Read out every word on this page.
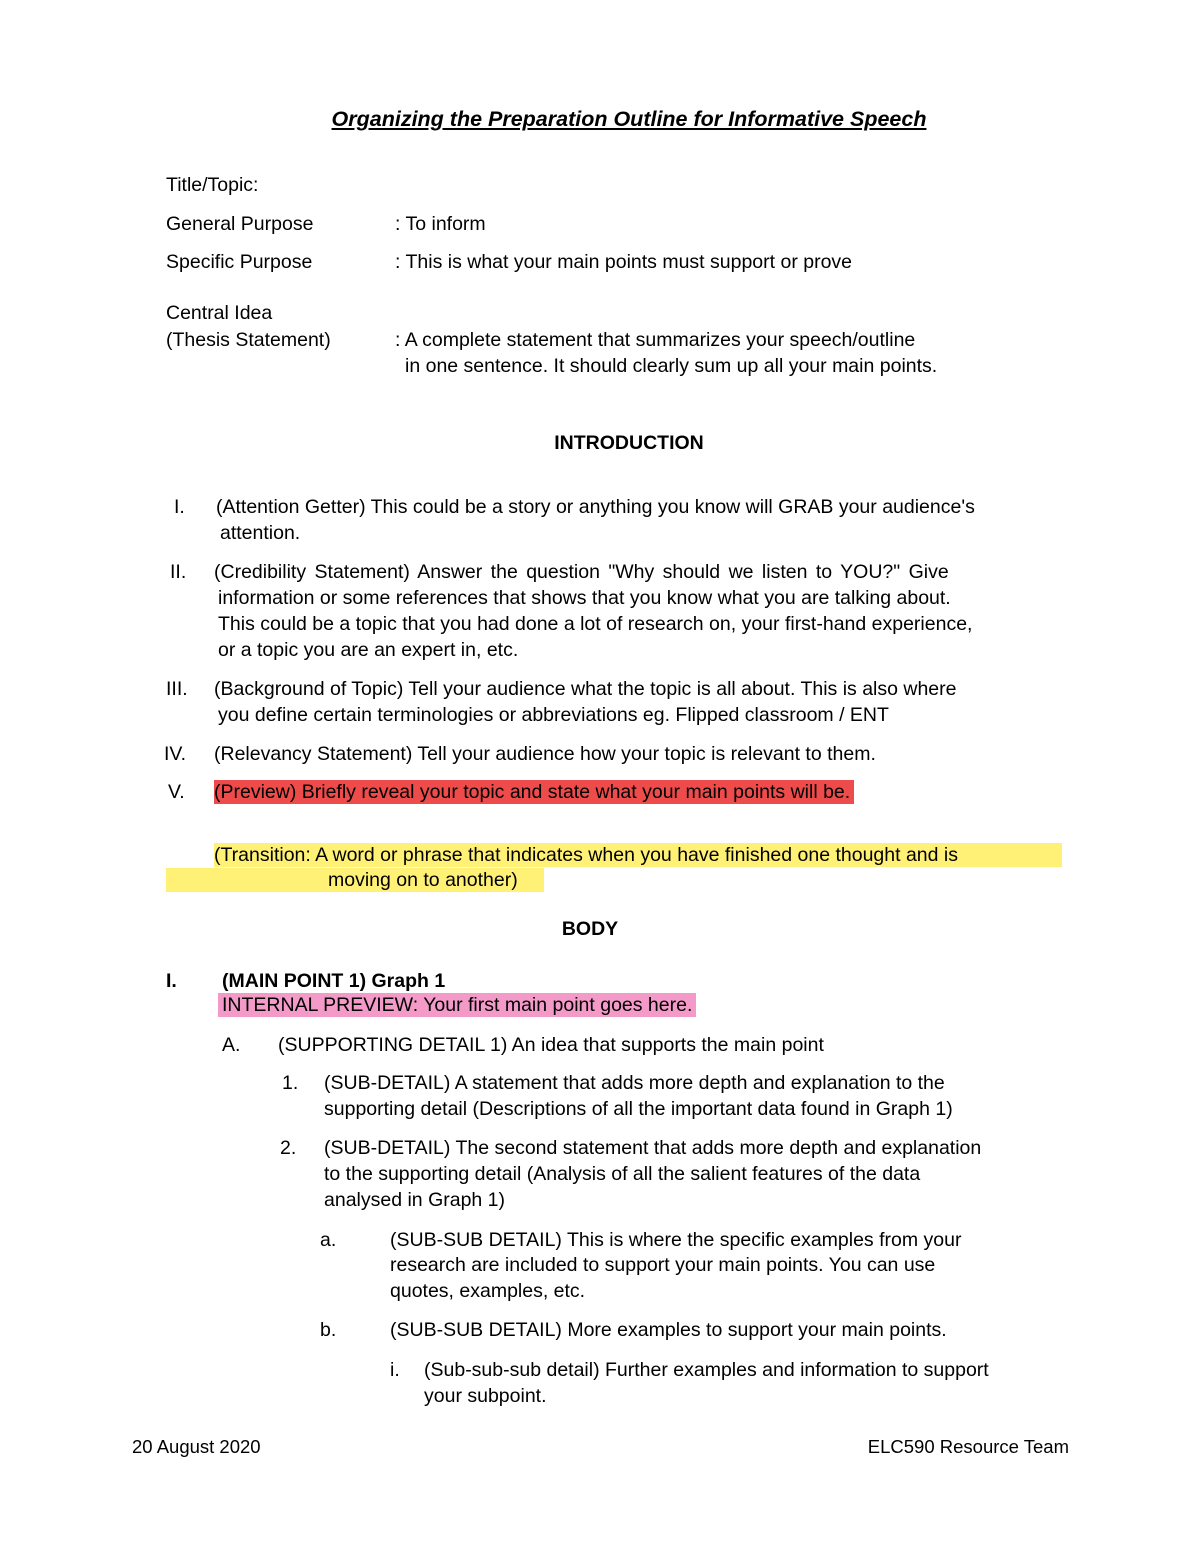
Organizing the Preparation Outline for Informative Speech
Title/Topic:
General Purpose	: To inform
Specific Purpose	: This is what your main points must support or prove
Central Idea
(Thesis Statement)	: A complete statement that summarizes your speech/outline
in one sentence. It should clearly sum up all your main points.
INTRODUCTION
I. (Attention Getter) This could be a story or anything you know will GRAB your audience's
attention.
II. (Credibility Statement) Answer the question "Why should we listen to YOU?" Give
information or some references that shows that you know what you are talking about.
This could be a topic that you had done a lot of research on, your first-hand experience,
or a topic you are an expert in, etc.
III. (Background of Topic) Tell your audience what the topic is all about. This is also where
you define certain terminologies or abbreviations eg. Flipped classroom / ENT
IV. (Relevancy Statement) Tell your audience how your topic is relevant to them.
V. (Preview) Briefly reveal your topic and state what your main points will be.
(Transition: A word or phrase that indicates when you have finished one thought and is
moving on to another)
BODY
I. (MAIN POINT 1) Graph 1
INTERNAL PREVIEW: Your first main point goes here.
A. (SUPPORTING DETAIL 1) An idea that supports the main point
1. (SUB-DETAIL) A statement that adds more depth and explanation to the
supporting detail (Descriptions of all the important data found in Graph 1)
2. (SUB-DETAIL) The second statement that adds more depth and explanation
to the supporting detail (Analysis of all the salient features of the data
analysed in Graph 1)
a.	(SUB-SUB DETAIL) This is where the specific examples from your
research are included to support your main points. You can use
quotes, examples, etc.
b.	(SUB-SUB DETAIL) More examples to support your main points.
i. (Sub-sub-sub detail) Further examples and information to support
your subpoint.
20 August 2020	ELC590 Resource Team
